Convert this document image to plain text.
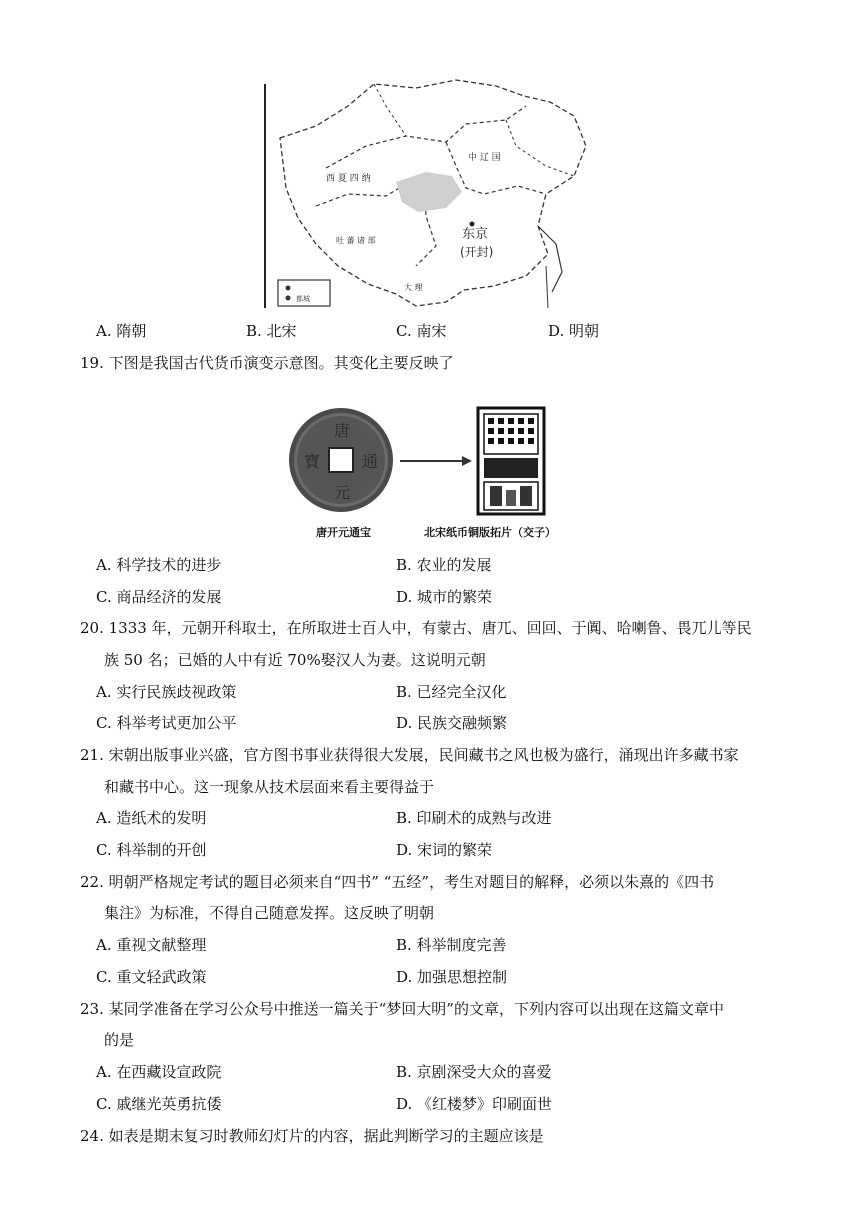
都城
西 夏 四 纳
中 辽 国
吐 蕃 诸 部	东京
(开封)
大 理
A. 隋朝	B. 北宋	C. 南宋	D. 明朝
19. 下图是我国古代货币演变示意图。其变化主要反映了
唐
元
寶	通
唐开元通宝	北宋纸币铜版拓片（交子）
A. 科学技术的进步	B. 农业的发展
C. 商品经济的发展	D. 城市的繁荣
20. 1333 年，元朝开科取士，在所取进士百人中，有蒙古、唐兀、回回、于阗、哈喇鲁、畏兀儿等民
族 50 名；已婚的人中有近 70%娶汉人为妻。这说明元朝
A. 实行民族歧视政策	B. 已经完全汉化
C. 科举考试更加公平	D. 民族交融频繁
21. 宋朝出版事业兴盛，官方图书事业获得很大发展，民间藏书之风也极为盛行，涌现出许多藏书家
和藏书中心。这一现象从技术层面来看主要得益于
A. 造纸术的发明	B. 印刷术的成熟与改进
C. 科举制的开创	D. 宋词的繁荣
22. 明朝严格规定考试的题目必须来自“四书” “五经”，考生对题目的解释，必须以朱熹的《四书
集注》为标准，不得自己随意发挥。这反映了明朝
A. 重视文献整理	B. 科举制度完善
C. 重文轻武政策	D. 加强思想控制
23. 某同学准备在学习公众号中推送一篇关于“梦回大明”的文章，下列内容可以出现在这篇文章中
的是
A. 在西藏设宣政院	B. 京剧深受大众的喜爱
C. 戚继光英勇抗倭	D. 《红楼梦》印刷面世
24. 如表是期末复习时教师幻灯片的内容，据此判断学习的主题应该是
